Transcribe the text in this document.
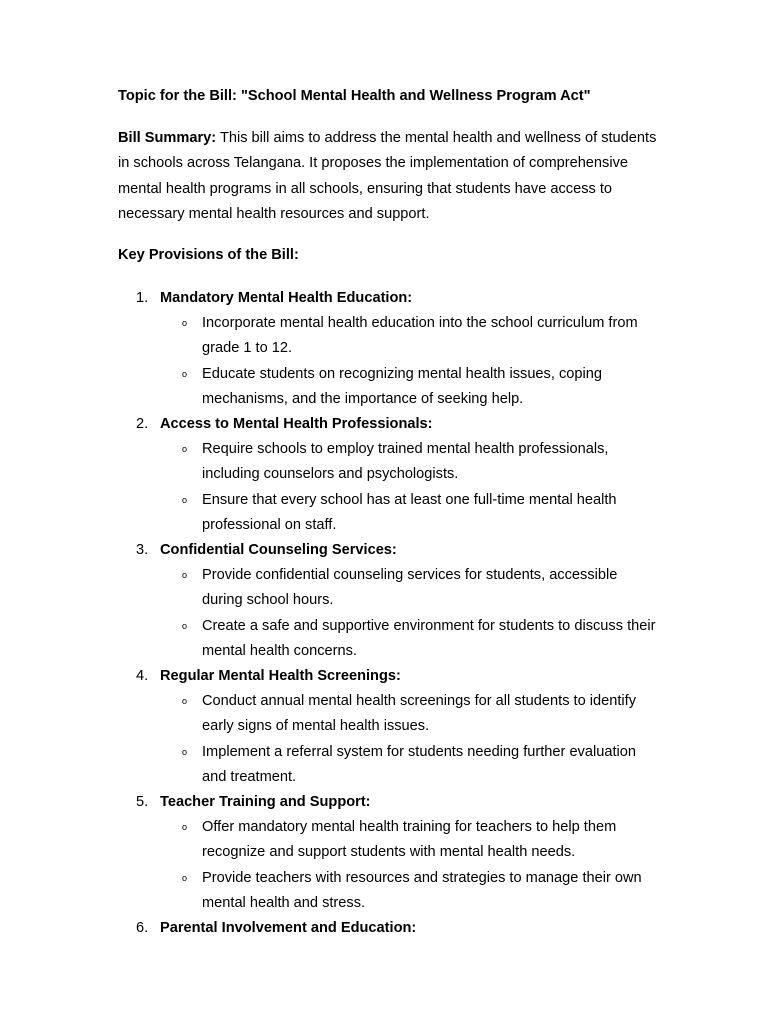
Topic for the Bill: "School Mental Health and Wellness Program Act"
Bill Summary: This bill aims to address the mental health and wellness of students in schools across Telangana. It proposes the implementation of comprehensive mental health programs in all schools, ensuring that students have access to necessary mental health resources and support.
Key Provisions of the Bill:
1. Mandatory Mental Health Education:
o Incorporate mental health education into the school curriculum from grade 1 to 12.
o Educate students on recognizing mental health issues, coping mechanisms, and the importance of seeking help.
2. Access to Mental Health Professionals:
o Require schools to employ trained mental health professionals, including counselors and psychologists.
o Ensure that every school has at least one full-time mental health professional on staff.
3. Confidential Counseling Services:
o Provide confidential counseling services for students, accessible during school hours.
o Create a safe and supportive environment for students to discuss their mental health concerns.
4. Regular Mental Health Screenings:
o Conduct annual mental health screenings for all students to identify early signs of mental health issues.
o Implement a referral system for students needing further evaluation and treatment.
5. Teacher Training and Support:
o Offer mandatory mental health training for teachers to help them recognize and support students with mental health needs.
o Provide teachers with resources and strategies to manage their own mental health and stress.
6. Parental Involvement and Education:
